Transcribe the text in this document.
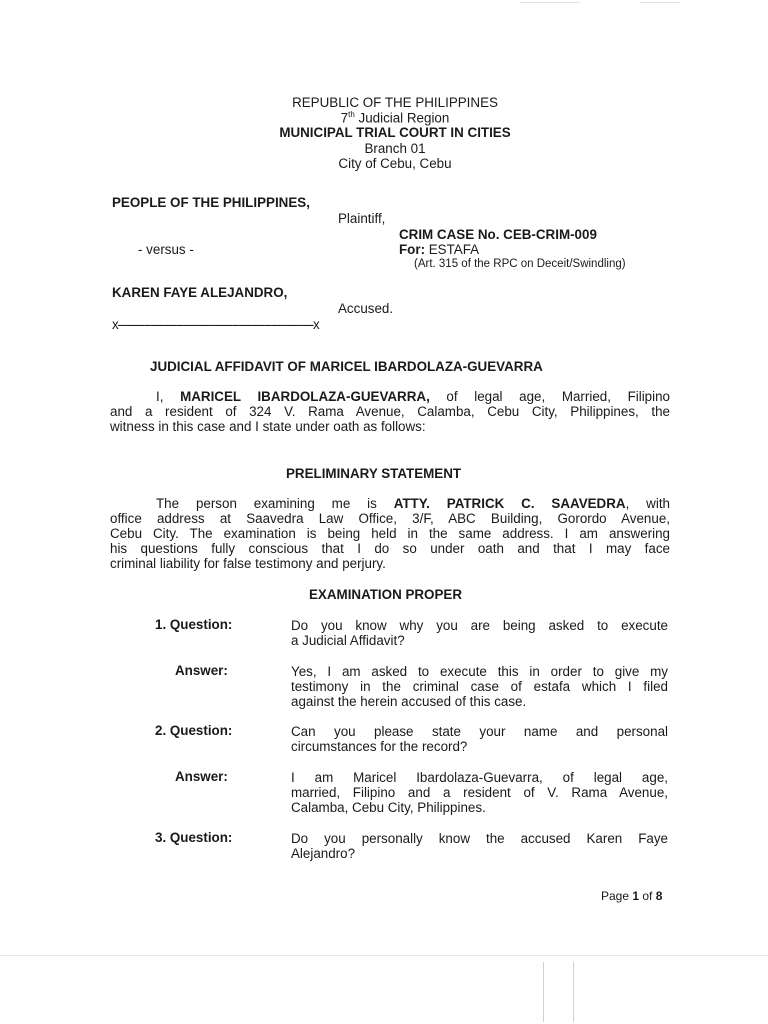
REPUBLIC OF THE PHILIPPINES
7th Judicial Region
MUNICIPAL TRIAL COURT IN CITIES
Branch 01
City of Cebu, Cebu
PEOPLE OF THE PHILIPPINES,
Plaintiff,
CRIM CASE No. CEB-CRIM-009
- versus -	For: ESTAFA
(Art. 315 of the RPC on Deceit/Swindling)
KAREN FAYE ALEJANDRO,
Accused.
x------------------------------------------------------------x
JUDICIAL AFFIDAVIT OF MARICEL IBARDOLAZA-GUEVARRA
I, MARICEL IBARDOLAZA-GUEVARRA, of legal age, Married, Filipino
and a resident of 324 V. Rama Avenue, Calamba, Cebu City, Philippines, the
witness in this case and I state under oath as follows:
PRELIMINARY STATEMENT
The person examining me is ATTY. PATRICK C. SAAVEDRA, with
office address at Saavedra Law Office, 3/F, ABC Building, Gorordo Avenue,
Cebu City. The examination is being held in the same address. I am answering
his questions fully conscious that I do so under oath and that I may face
criminal liability for false testimony and perjury.
EXAMINATION PROPER
1. Question:	Do you know why you are being asked to execute
a Judicial Affidavit?
Answer:	Yes, I am asked to execute this in order to give my
testimony in the criminal case of estafa which I filed
against the herein accused of this case.
2. Question:	Can you please state your name and personal
circumstances for the record?
Answer:	I am Maricel Ibardolaza-Guevarra, of legal age,
married, Filipino and a resident of V. Rama Avenue,
Calamba, Cebu City, Philippines.
3. Question:	Do you personally know the accused Karen Faye
Alejandro?
Page 1 of 8
